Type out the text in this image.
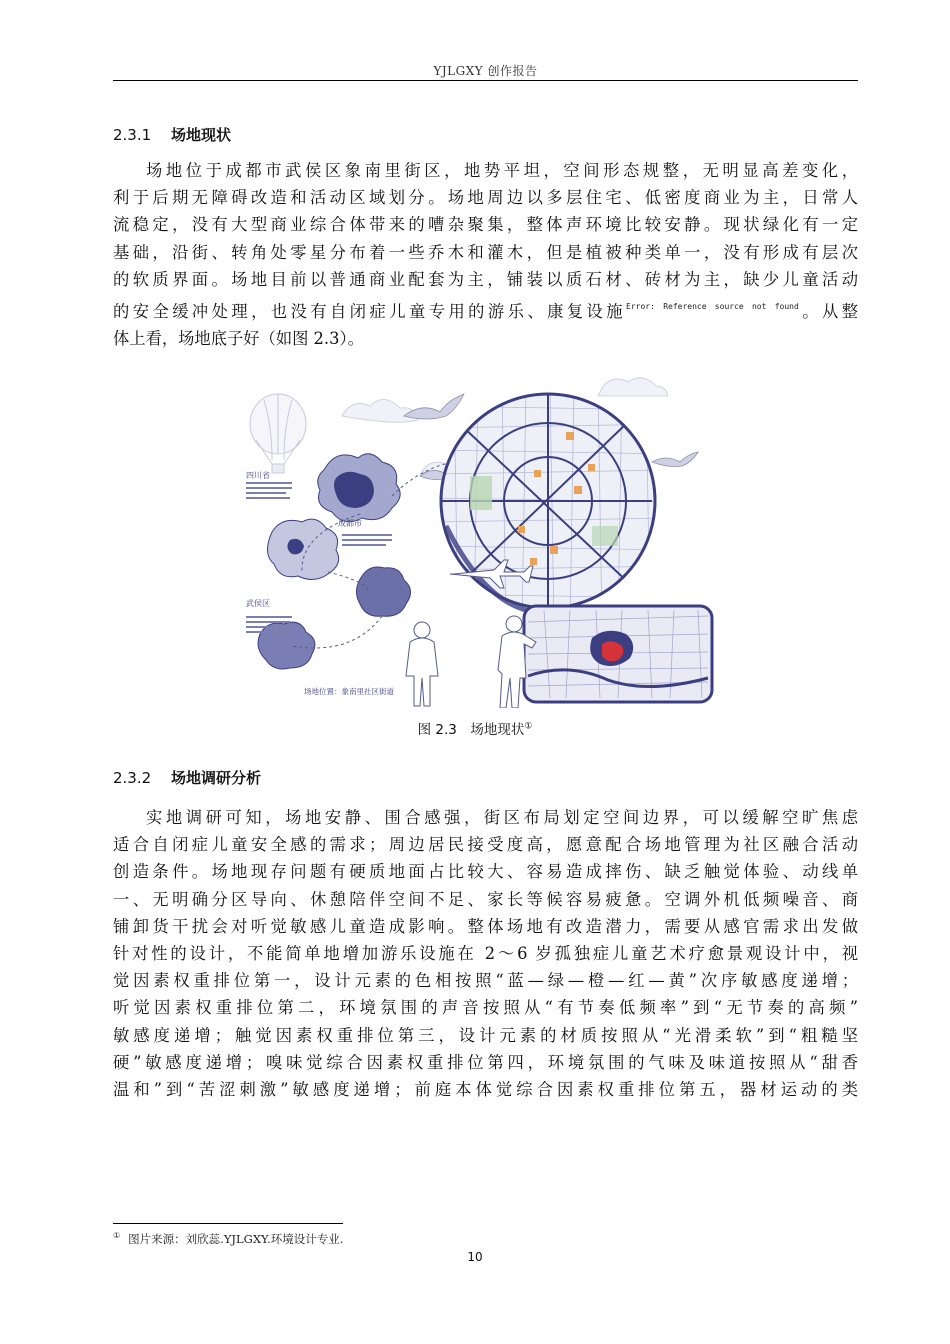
YJLGXY 创作报告
2.3.1 场地现状
场地位于成都市武侯区象南里街区，地势平坦，空间形态规整，无明显高差变化，
利于后期无障碍改造和活动区域划分。场地周边以多层住宅、低密度商业为主，日常人
流稳定，没有大型商业综合体带来的嘈杂聚集，整体声环境比较安静。现状绿化有一定
基础，沿街、转角处零星分布着一些乔木和灌木，但是植被种类单一，没有形成有层次
的软质界面。场地目前以普通商业配套为主，铺装以质石材、砖材为主，缺少儿童活动
的安全缓冲处理，也没有自闭症儿童专用的游乐、康复设施$^{Error: Reference source not found}$。从整
体上看，场地底子好（如图 2.3）。
四川省
成都市
武侯区
场地位置：象南里社区街道
图 2.3　场地现状①
2.3.2 场地调研分析
实地调研可知，场地安静、围合感强，街区布局划定空间边界，可以缓解空旷焦虑
适合自闭症儿童安全感的需求；周边居民接受度高，愿意配合场地管理为社区融合活动
创造条件。场地现存问题有硬质地面占比较大、容易造成摔伤、缺乏触觉体验、动线单
一、无明确分区导向、休憩陪伴空间不足、家长等候容易疲惫。空调外机低频噪音、商
铺卸货干扰会对听觉敏感儿童造成影响。整体场地有改造潜力，需要从感官需求出发做
针对性的设计，不能简单地增加游乐设施在 2～6 岁孤独症儿童艺术疗愈景观设计中，视
觉因素权重排位第一，设计元素的色相按照“蓝—绿—橙—红—黄”次序敏感度递增；
听觉因素权重排位第二，环境氛围的声音按照从“有节奏低频率”到“无节奏的高频”
敏感度递增；触觉因素权重排位第三，设计元素的材质按照从“光滑柔软”到“粗糙坚
硬”敏感度递增；嗅味觉综合因素权重排位第四，环境氛围的气味及味道按照从“甜香
温和”到“苦涩刺激”敏感度递增；前庭本体觉综合因素权重排位第五，器材运动的类
① 图片来源：刘欣蕊.YJLGXY.环境设计专业.
10
